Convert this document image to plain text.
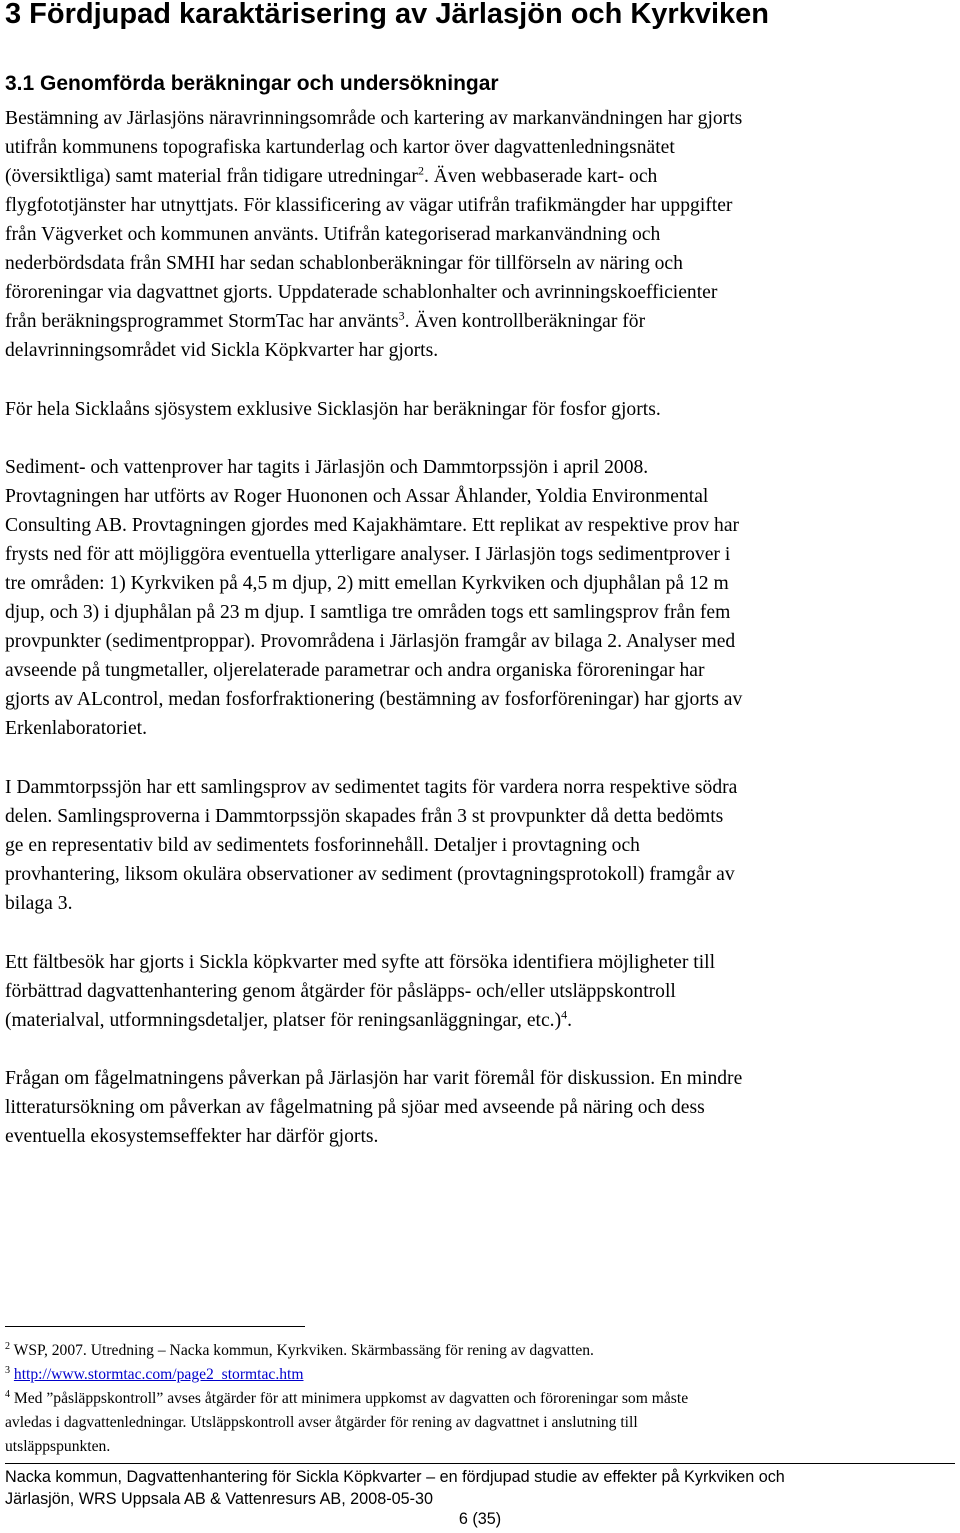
3 Fördjupad karaktärisering av Järlasjön och Kyrkviken
3.1 Genomförda beräkningar och undersökningar

Bestämning av Järlasjöns näravrinningsområde och kartering av markanvändningen har gjorts
utifrån kommunens topografiska kartunderlag och kartor över dagvattenledningsnätet
(översiktliga) samt material från tidigare utredningar$^2$. Även webbaserade kart- och
flygfototjänster har utnyttjats. För klassificering av vägar utifrån trafikmängder har uppgifter
från Vägverket och kommunen använts. Utifrån kategoriserad markanvändning och
nederbördsdata från SMHI har sedan schablonberäkningar för tillförseln av näring och
föroreningar via dagvattnet gjorts. Uppdaterade schablonhalter och avrinningskoefficienter
från beräkningsprogrammet StormTac har använts$^3$. Även kontrollberäkningar för
delavrinningsområdet vid Sickla Köpkvarter har gjorts.

För hela Sicklaåns sjösystem exklusive Sicklasjön har beräkningar för fosfor gjorts.

Sediment- och vattenprover har tagits i Järlasjön och Dammtorpssjön i april 2008.
Provtagningen har utförts av Roger Huononen och Assar Åhlander, Yoldia Environmental
Consulting AB. Provtagningen gjordes med Kajakhämtare. Ett replikat av respektive prov har
frysts ned för att möjliggöra eventuella ytterligare analyser. I Järlasjön togs sedimentprover i
tre områden: 1) Kyrkviken på 4,5 m djup, 2) mitt emellan Kyrkviken och djuphålan på 12 m
djup, och 3) i djuphålan på 23 m djup. I samtliga tre områden togs ett samlingsprov från fem
provpunkter (sedimentproppar). Provområdena i Järlasjön framgår av bilaga 2. Analyser med
avseende på tungmetaller, oljerelaterade parametrar och andra organiska föroreningar har
gjorts av ALcontrol, medan fosforfraktionering (bestämning av fosforföreningar) har gjorts av
Erkenlaboratoriet.

I Dammtorpssjön har ett samlingsprov av sedimentet tagits för vardera norra respektive södra
delen. Samlingsproverna i Dammtorpssjön skapades från 3 st provpunkter då detta bedömts
ge en representativ bild av sedimentets fosforinnehåll. Detaljer i provtagning och
provhantering, liksom okulära observationer av sediment (provtagningsprotokoll) framgår av
bilaga 3.

Ett fältbesök har gjorts i Sickla köpkvarter med syfte att försöka identifiera möjligheter till
förbättrad dagvattenhantering genom åtgärder för påsläpps- och/eller utsläppskontroll
(materialval, utformningsdetaljer, platser för reningsanläggningar, etc.)$^4$.

Frågan om fågelmatningens påverkan på Järlasjön har varit föremål för diskussion. En mindre
litteratursökning om påverkan av fågelmatning på sjöar med avseende på näring och dess
eventuella ekosystemseffekter har därför gjorts.

$^2$ WSP, 2007. Utredning – Nacka kommun, Kyrkviken. Skärmbassäng för rening av dagvatten.
$^3$ http://www.stormtac.com/page2_stormtac.htm
$^4$ Med ”påsläppskontroll” avses åtgärder för att minimera uppkomst av dagvatten och föroreningar som måste
avledas i dagvattenledningar. Utsläppskontroll avser åtgärder för rening av dagvattnet i anslutning till
utsläppspunkten.
Nacka kommun, Dagvattenhantering för Sickla Köpkvarter – en fördjupad studie av effekter på Kyrkviken och
Järlasjön, WRS Uppsala AB & Vattenresurs AB, 2008-05-30
6 (35)
